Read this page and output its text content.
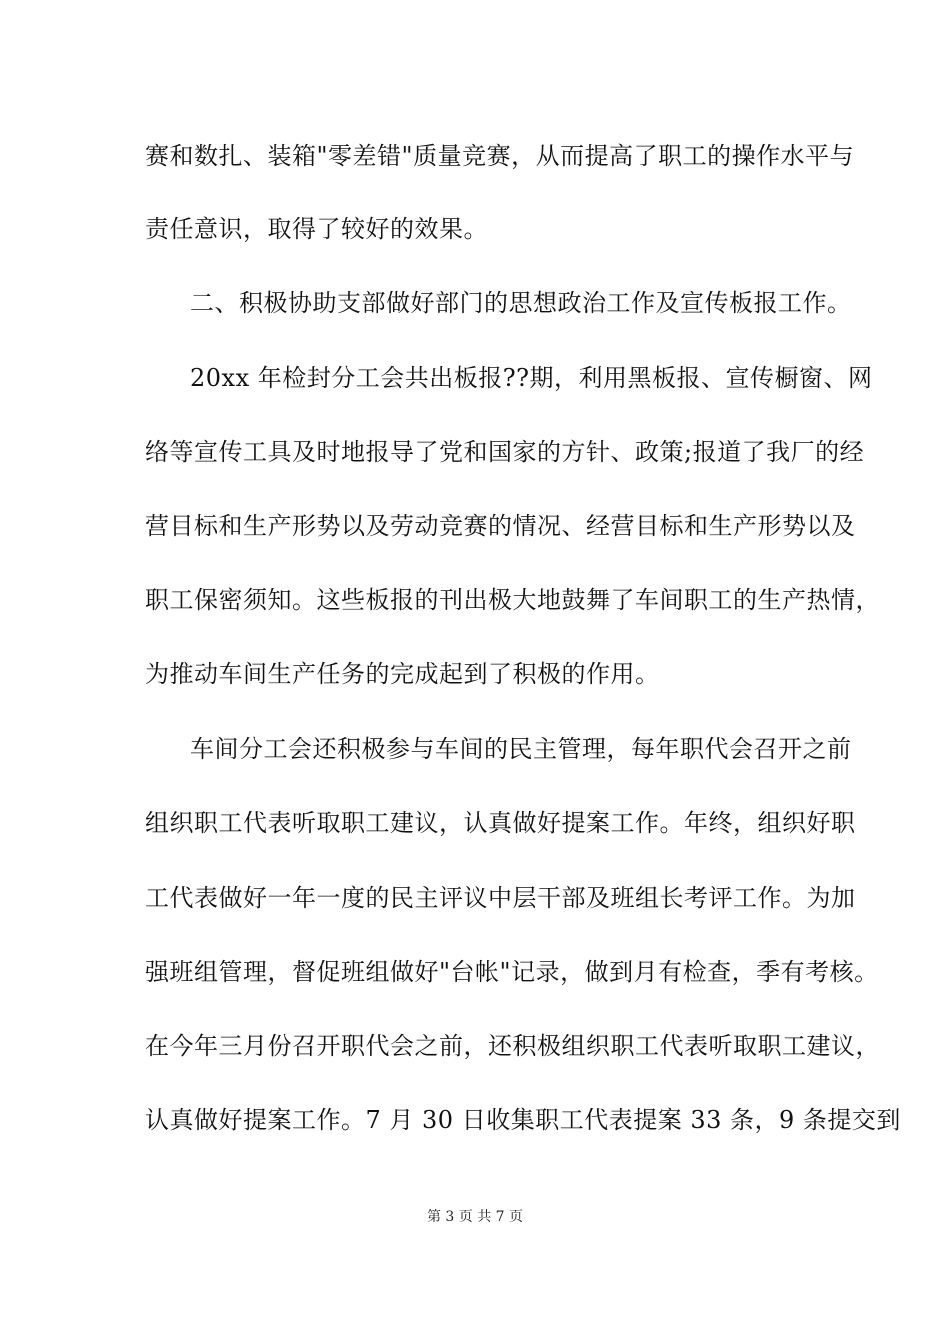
赛和数扎、装箱"零差错"质量竞赛，从而提高了职工的操作水平与
责任意识，取得了较好的效果。
二、积极协助支部做好部门的思想政治工作及宣传板报工作。
20xx 年检封分工会共出板报??期，利用黑板报、宣传橱窗、网
络等宣传工具及时地报导了党和国家的方针、政策;报道了我厂的经
营目标和生产形势以及劳动竞赛的情况、经营目标和生产形势以及
职工保密须知。这些板报的刊出极大地鼓舞了车间职工的生产热情，
为推动车间生产任务的完成起到了积极的作用。
车间分工会还积极参与车间的民主管理，每年职代会召开之前
组织职工代表听取职工建议，认真做好提案工作。年终，组织好职
工代表做好一年一度的民主评议中层干部及班组长考评工作。为加
强班组管理，督促班组做好"台帐"记录，做到月有检查，季有考核。
在今年三月份召开职代会之前，还积极组织职工代表听取职工建议，
认真做好提案工作。7 月 30 日收集职工代表提案 33 条，9 条提交到
第 3 页 共 7 页
